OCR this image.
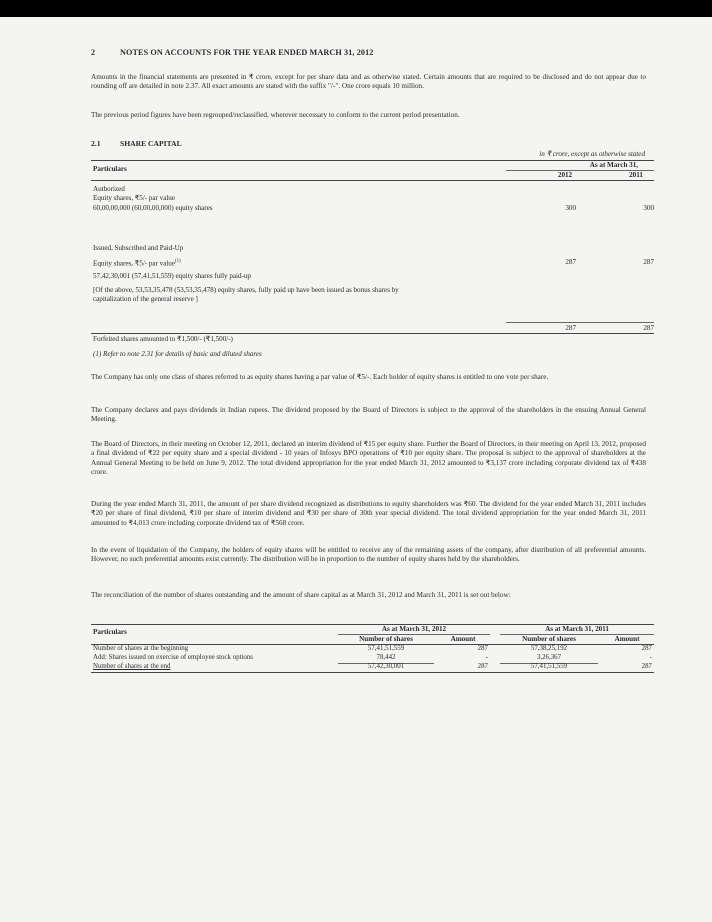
2	NOTES ON ACCOUNTS FOR THE YEAR ENDED MARCH 31, 2012
Amounts in the financial statements are presented in ₹ crore, except for per share data and as otherwise stated. Certain amounts that are required to be disclosed and do not appear due to rounding off are detailed in note 2.37. All exact amounts are stated with the suffix "/-". One crore equals 10 million.
The previous period figures have been regrouped/reclassified, wherever necessary to conform to the current period presentation.
2.1	SHARE CAPITAL
in ₹ crore, except as otherwise stated
Particulars	As at March 31,
2012	2011
Authorized
Equity shares, ₹5/- par value
60,00,00,000 (60,00,00,000) equity shares	300	300
Issued, Subscribed and Paid-Up
Equity shares, ₹5/- par value$^{(1)}$	287	287
57,42,30,001 (57,41,51,559) equity shares fully paid-up
[Of the above, 53,53,35,478 (53,53,35,478) equity shares, fully paid up have been issued as bonus shares by capitalization of the general reserve ]
287	287
Forfeited shares amounted to ₹1,500/- (₹1,500/-)
(1) Refer to note 2.31 for details of basic and diluted shares
The Company has only one class of shares referred to as equity shares having a par value of ₹5/-. Each holder of equity shares is entitled to one vote per share.
The Company declares and pays dividends in Indian rupees. The dividend proposed by the Board of Directors is subject to the approval of the shareholders in the ensuing Annual General Meeting.
The Board of Directors, in their meeting on October 12, 2011, declared an interim dividend of ₹15 per equity share. Further the Board of Directors, in their meeting on April 13, 2012, proposed a final dividend of ₹22 per equity share and a special dividend - 10 years of Infosys BPO operations of ₹10 per equity share. The proposal is subject to the approval of shareholders at the Annual General Meeting to be held on June 9, 2012. The total dividend appropriation for the year ended March 31, 2012 amounted to ₹3,137 crore including corporate dividend tax of ₹438 crore.
During the year ended March 31, 2011, the amount of per share dividend recognized as distributions to equity shareholders was ₹60. The dividend for the year ended March 31, 2011 includes ₹20 per share of final dividend, ₹10 per share of interim dividend and ₹30 per share of 30th year special dividend. The total dividend appropriation for the year ended March 31, 2011 amounted to ₹4,013 crore including corporate dividend tax of ₹568 crore.
In the event of liquidation of the Company, the holders of equity shares will be entitled to receive any of the remaining assets of the company, after distribution of all preferential amounts. However, no such preferential amounts exist currently. The distribution will be in proportion to the number of equity shares held by the shareholders.
The reconciliation of the number of shares outstanding and the amount of share capital as at March 31, 2012 and March 31, 2011 is set out below:
Particulars	As at March 31, 2012	As at March 31, 2011
Number of shares	Amount	Number of shares	Amount
Number of shares at the beginning	57,41,51,559	287	57,38,25,192	287
Add: Shares issued on exercise of employee stock options	78,442	-	3,26,367	-
Number of shares at the end	57,42,30,001	287	57,41,51,559	287
